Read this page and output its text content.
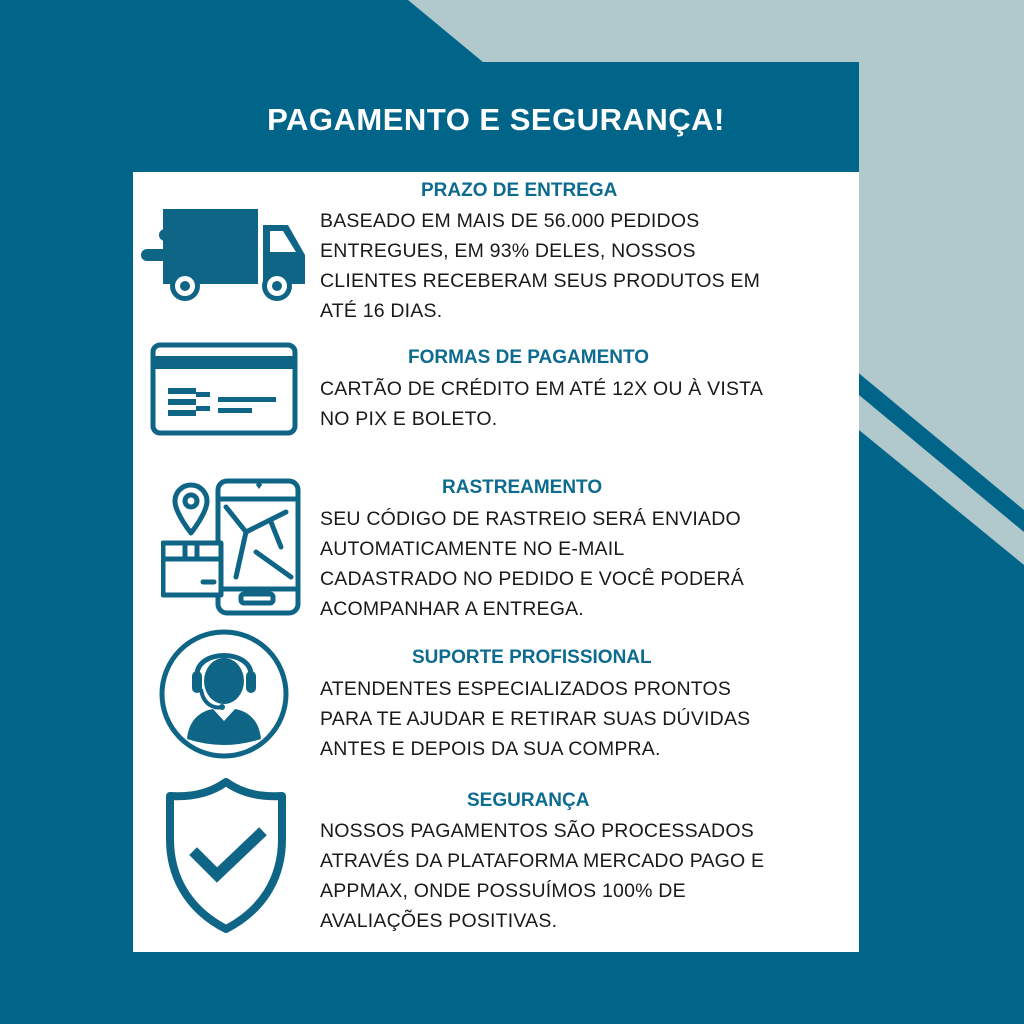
PAGAMENTO E SEGURANÇA!
PRAZO DE ENTREGA

BASEADO EM MAIS DE 56.000 PEDIDOS
ENTREGUES, EM 93% DELES, NOSSOS
CLIENTES RECEBERAM SEUS PRODUTOS EM
ATÉ 16 DIAS.

FORMAS DE PAGAMENTO

CARTÃO DE CRÉDITO EM ATÉ 12X OU À VISTA
NO PIX E BOLETO.

RASTREAMENTO

SEU CÓDIGO DE RASTREIO SERÁ ENVIADO
AUTOMATICAMENTE NO E-MAIL
CADASTRADO NO PEDIDO E VOCÊ PODERÁ
ACOMPANHAR A ENTREGA.

SUPORTE PROFISSIONAL

ATENDENTES ESPECIALIZADOS PRONTOS
PARA TE AJUDAR E RETIRAR SUAS DÚVIDAS
ANTES E DEPOIS DA SUA COMPRA.

SEGURANÇA

NOSSOS PAGAMENTOS SÃO PROCESSADOS
ATRAVÉS DA PLATAFORMA MERCADO PAGO E
APPMAX, ONDE POSSUÍMOS 100% DE
AVALIAÇÕES POSITIVAS.
